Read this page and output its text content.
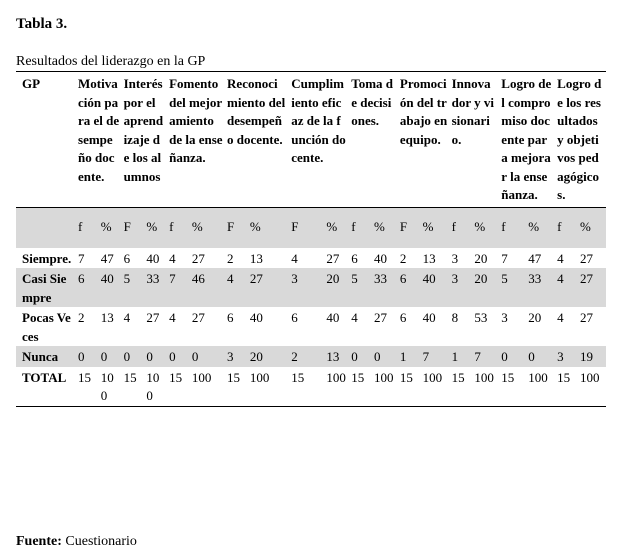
Tabla 3.
Resultados del liderazgo en la GP
GP	Motivación para el desempeño docente.		Interés por el aprendizaje de los alumnos		Fomento del mejoramiento de la enseñanza.		Reconocimiento del desempeño docente.		Cumplimiento eficaz de la función docente.		Toma de decisiones.		Promoción del trabajo en equipo.		Innovador y visionario.		Logro del compromiso docente para mejorar la enseñanza.		Logro de los resultados y objetivos pedagógicos.	
	f	%	F	%	f	%	F	%	F	%	f	%	F	%	f	%	f	%	f	%
Siempre.	7	47	6	40	4	27	2	13	4	27	6	40	2	13	3	20	7	47	4	27
Casi Siempre	6	40	5	33	7	46	4	27	3	20	5	33	6	40	3	20	5	33	4	27
Pocas Veces	2	13	4	27	4	27	6	40	6	40	4	27	6	40	8	53	3	20	4	27
Nunca	0	0	0	0	0	0	3	20	2	13	0	0	1	7	1	7	0	0	3	19
TOTAL	15	100	15	100	15	100	15	100	15	100	15	100	15	100	15	100	15	100	15	100
Fuente: Cuestionario
